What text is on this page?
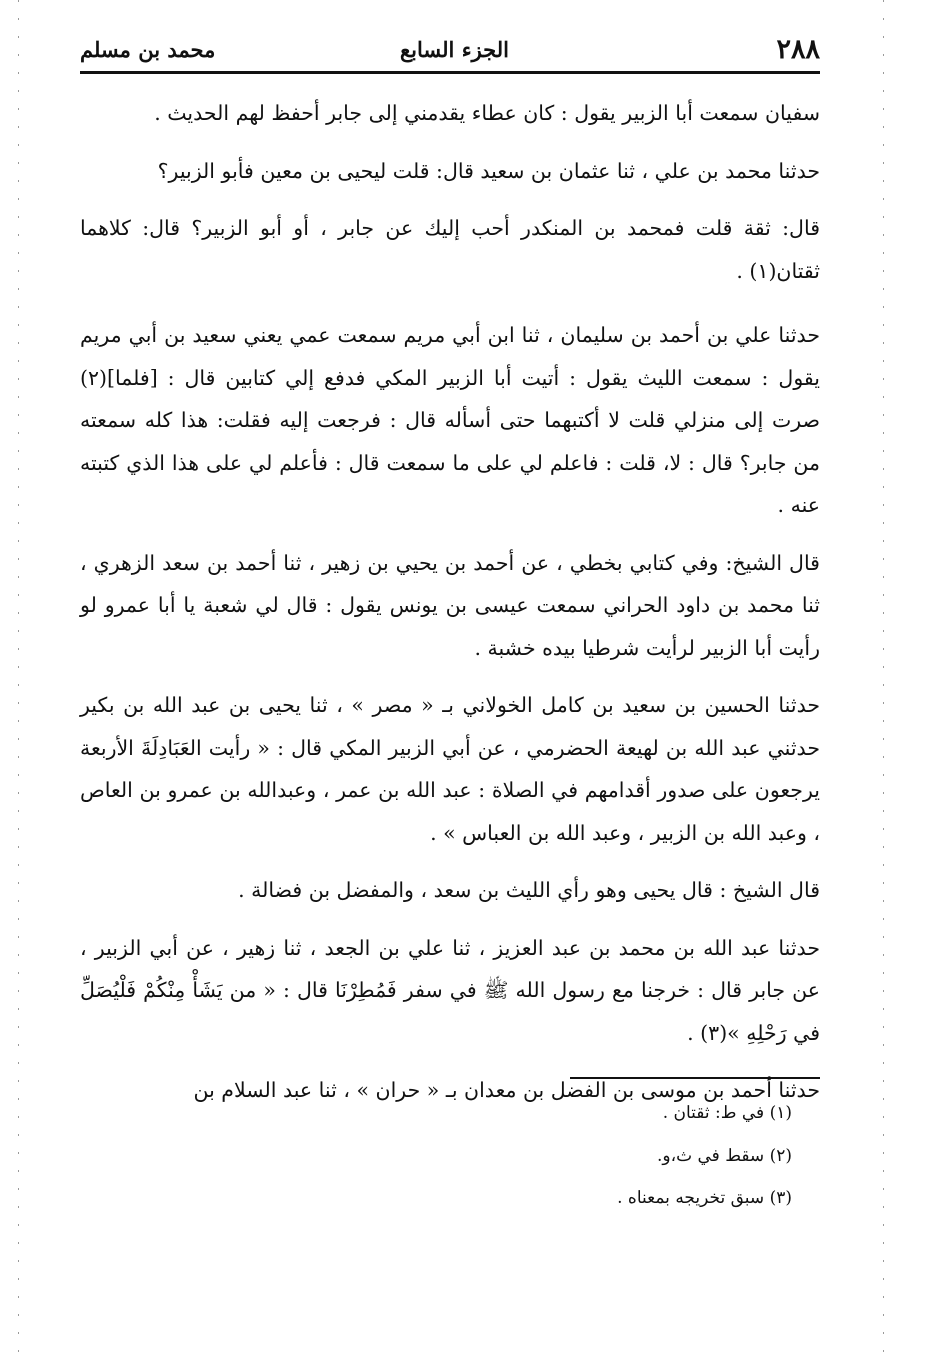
٢٨٨
الجزء السابع
محمد بن مسلم

سفيان سمعت أبا الزبير يقول : كان عطاء يقدمني إلى جابر أحفظ لهم الحديث .

حدثنا محمد بن علي ، ثنا عثمان بن سعيد قال: قلت ليحيى بن معين فأبو الزبير؟

قال: ثقة قلت فمحمد بن المنكدر أحب إليك عن جابر ، أو أبو الزبير؟ قال: كلاهما ثقتان(١) .

حدثنا علي بن أحمد بن سليمان ، ثنا ابن أبي مريم سمعت عمي يعني سعيد بن أبي مريم يقول : سمعت الليث يقول : أتيت أبا الزبير المكي فدفع إلي كتابين قال : [فلما](٢) صرت إلى منزلي قلت لا أكتبهما حتى أسأله قال : فرجعت إليه فقلت: هذا كله سمعته من جابر؟ قال : لا، قلت : فاعلم لي على ما سمعت قال : فأعلم لي على هذا الذي كتبته عنه .

قال الشيخ: وفي كتابي بخطي ، عن أحمد بن يحيي بن زهير ، ثنا أحمد بن سعد الزهري ، ثنا محمد بن داود الحراني سمعت عيسى بن يونس يقول : قال لي شعبة يا أبا عمرو لو رأيت أبا الزبير لرأيت شرطيا بيده خشبة .

حدثنا الحسين بن سعيد بن كامل الخولاني بـ « مصر » ، ثنا يحيى بن عبد الله بن بكير حدثني عبد الله بن لهيعة الحضرمي ، عن أبي الزبير المكي قال : « رأيت العَبَادِلَةَ الأربعة يرجعون على صدور أقدامهم في الصلاة : عبد الله بن عمر ، وعبدالله بن عمرو بن العاص ، وعبد الله بن الزبير ، وعبد الله بن العباس » .

قال الشيخ : قال يحيى وهو رأي الليث بن سعد ، والمفضل بن فضالة .

حدثنا عبد الله بن محمد بن عبد العزيز ، ثنا علي بن الجعد ، ثنا زهير ، عن أبي الزبير ، عن جابر قال : خرجنا مع رسول الله ﷺ في سفر فَمُطِرْنَا قال : « من يَشَأْ مِنْكُمْ فَلْيُصَلِّ في رَحْلِهِ »(٣) .

حدثنا أحمد بن موسى بن الفضل بن معدان بـ « حران » ، ثنا عبد السلام بن

(١) في ط: ثقتان .
(٢) سقط في ث،و.
(٣) سبق تخريجه بمعناه .
